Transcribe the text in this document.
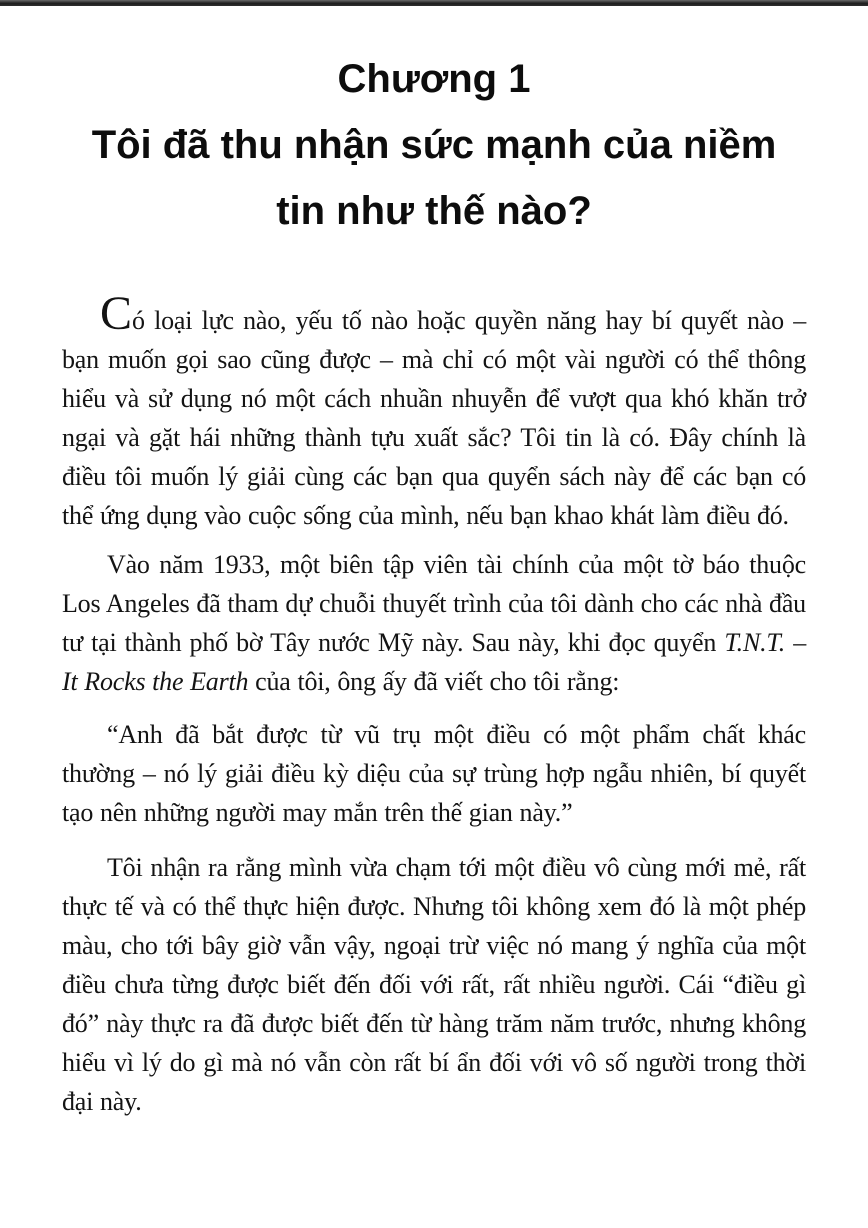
Chương 1
Tôi đã thu nhận sức mạnh của niềm
tin như thế nào?

Có loại lực nào, yếu tố nào hoặc quyền năng hay bí quyết nào – bạn muốn gọi sao cũng được – mà chỉ có một vài người có thể thông hiểu và sử dụng nó một cách nhuần nhuyễn để vượt qua khó khăn trở ngại và gặt hái những thành tựu xuất sắc? Tôi tin là có. Đây chính là điều tôi muốn lý giải cùng các bạn qua quyển sách này để các bạn có thể ứng dụng vào cuộc sống của mình, nếu bạn khao khát làm điều đó.

Vào năm 1933, một biên tập viên tài chính của một tờ báo thuộc Los Angeles đã tham dự chuỗi thuyết trình của tôi dành cho các nhà đầu tư tại thành phố bờ Tây nước Mỹ này. Sau này, khi đọc quyển T.N.T. – It Rocks the Earth của tôi, ông ấy đã viết cho tôi rằng:

“Anh đã bắt được từ vũ trụ một điều có một phẩm chất khác thường – nó lý giải điều kỳ diệu của sự trùng hợp ngẫu nhiên, bí quyết tạo nên những người may mắn trên thế gian này.”

Tôi nhận ra rằng mình vừa chạm tới một điều vô cùng mới mẻ, rất thực tế và có thể thực hiện được. Nhưng tôi không xem đó là một phép màu, cho tới bây giờ vẫn vậy, ngoại trừ việc nó mang ý nghĩa của một điều chưa từng được biết đến đối với rất, rất nhiều người. Cái “điều gì đó” này thực ra đã được biết đến từ hàng trăm năm trước, nhưng không hiểu vì lý do gì mà nó vẫn còn rất bí ẩn đối với vô số người trong thời đại này.
